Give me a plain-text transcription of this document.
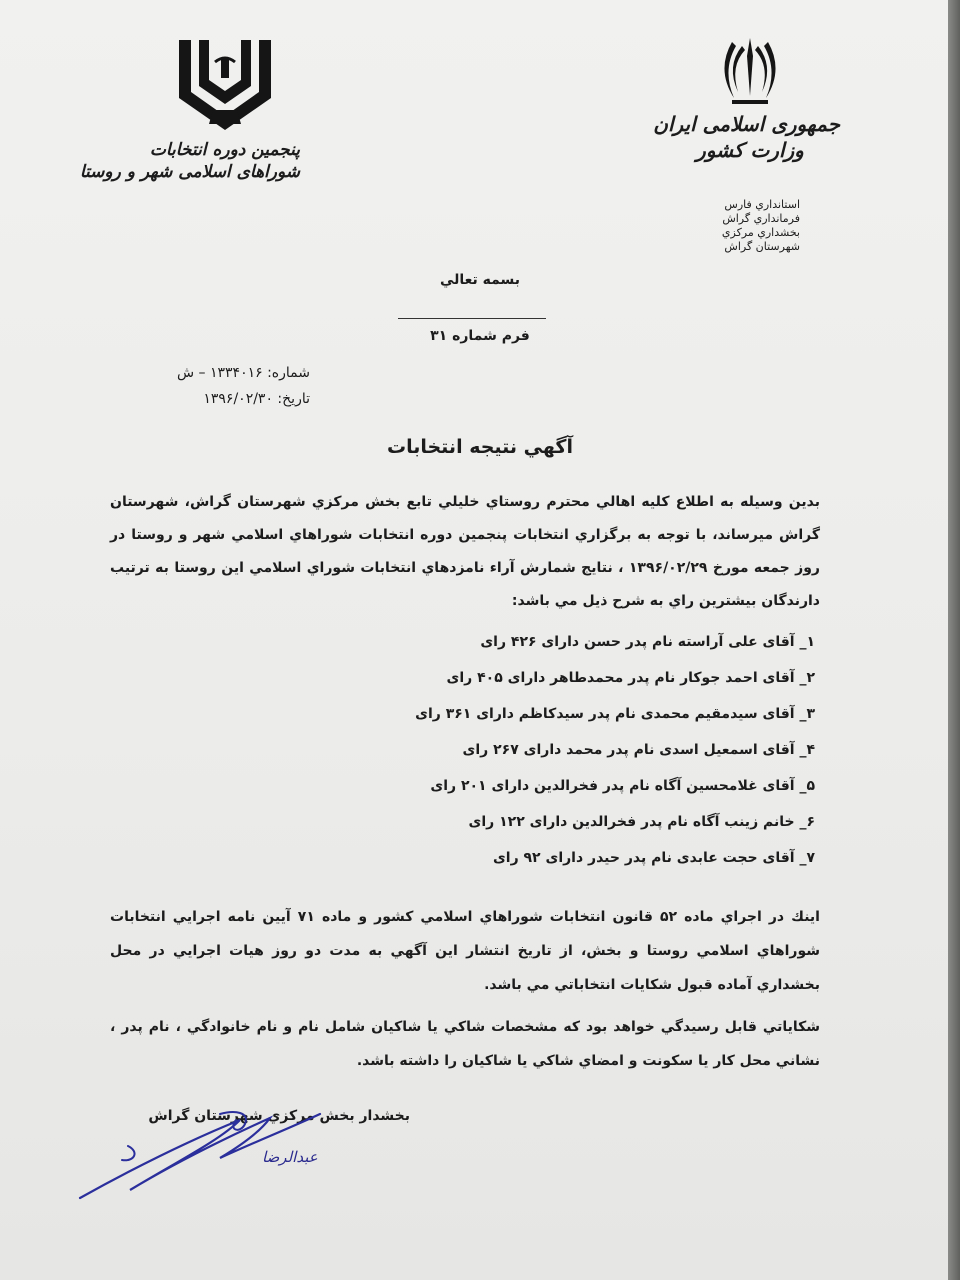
پنجمین دوره انتخابات
شوراهای اسلامی شهر و روستا
جمهوری اسلامی ایران
وزارت کشور
استانداري فارس
فرمانداري گراش
بخشداري مركزي
شهرستان گراش
بسمه تعالي
فرم شماره ۳۱
شماره: ۱۳۳۴۰۱۶ – ش
تاريخ: ۱۳۹۶/۰۲/۳۰
آگهي نتيجه انتخابات
بدين وسيله به اطلاع كليه اهالي محترم روستاي خليلي تابع بخش مركزي شهرستان گراش، شهرستان گراش ميرساند، با توجه به برگزاري انتخابات پنجمين دوره انتخابات شوراهاي اسلامي شهر و روستا در روز جمعه مورخ ۱۳۹۶/۰۲/۲۹ ، نتايج شمارش آراء نامزدهاي انتخابات شوراي اسلامي اين روستا به ترتيب دارندگان بيشترين راي به شرح ذيل مي باشد:
۱_ آقای علی آراسته نام پدر حسن دارای ۴۲۶ رای
۲_ آقای احمد جوکار نام پدر محمدطاهر دارای ۴۰۵ رای
۳_ آقای سیدمقیم محمدی نام پدر سیدکاظم دارای ۳۶۱ رای
۴_ آقای اسمعیل اسدی نام پدر محمد دارای ۲۶۷ رای
۵_ آقای غلامحسین آگاه نام پدر فخرالدین دارای ۲۰۱ رای
۶_ خانم زینب آگاه نام پدر فخرالدین دارای ۱۲۲ رای
۷_ آقای حجت عابدی نام پدر حیدر دارای ۹۲ رای
اينك در اجراي ماده ۵۲ قانون انتخابات شوراهاي اسلامي كشور و ماده ۷۱ آيين نامه اجرايي انتخابات شوراهاي اسلامي روستا و بخش، از تاريخ انتشار اين آگهي به مدت دو روز هيات اجرايي در محل بخشداري آماده قبول شكايات انتخاباتي مي باشد.
شكاياتي قابل رسيدگي خواهد بود كه مشخصات شاكي يا شاكيان شامل نام و نام خانوادگي ، نام پدر ، نشاني محل كار يا سكونت و امضاي شاكي يا شاكيان را داشته باشد.
بخشدار بخش مركزي شهرستان گراش
عبدالرضا
